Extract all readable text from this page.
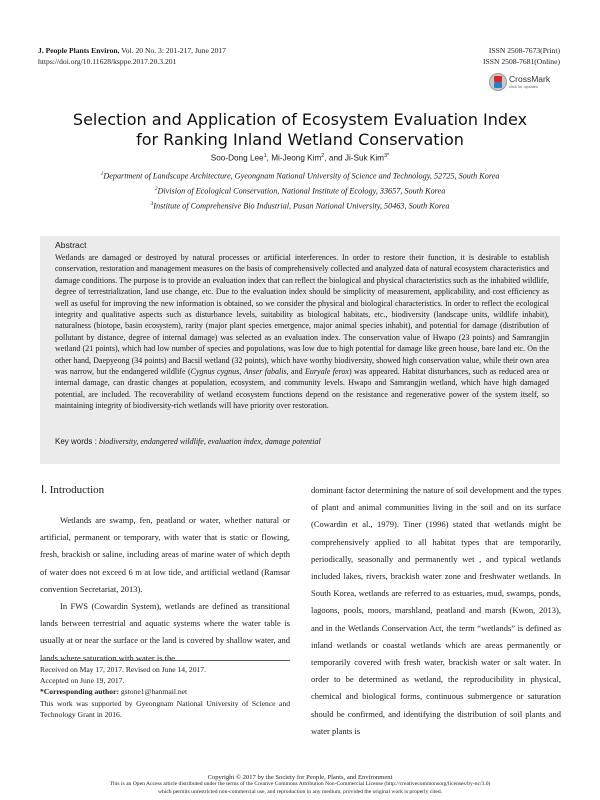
J. People Plants Environ. Vol. 20 No. 3: 201-217, June 2017
https://doi.org/10.11628/ksppe.2017.20.3.201
ISSN 2508-7673(Print)
ISSN 2508-7681(Online)
CrossMark
click for updates
Selection and Application of Ecosystem Evaluation Index
for Ranking Inland Wetland Conservation
Soo-Dong Lee$^1$, Mi-Jeong Kim$^2$, and Ji-Suk Kim$^{3*}$
$^1$Department of Landscape Architecture, Gyeongnam National University of Science and Technology, 52725, South Korea
$^2$Division of Ecological Conservation, National Institute of Ecology, 33657, South Korea
$^3$Institute of Comprehensive Bio Industrial, Pusan National University, 50463, South Korea
Abstract
Wetlands are damaged or destroyed by natural processes or artificial interferences. In order to restore their function, it is desirable to establish conservation, restoration and management measures on the basis of comprehensively collected and analyzed data of natural ecosystem characteristics and damage conditions. The purpose is to provide an evaluation index that can reflect the biological and physical characteristics such as the inhabited wildlife, degree of terrestrialization, land use change, etc. Due to the evaluation index should be simplicity of measurement, applicability, and cost efficiency as well as useful for improving the new information is obtained, so we consider the physical and biological characteristics. In order to reflect the ecological integrity and qualitative aspects such as disturbance levels, suitability as biological habitats, etc., biodiversity (landscape units, wildlife inhabit), naturalness (biotope, basin ecosystem), rarity (major plant species emergence, major animal species inhabit), and potential for damage (distribution of pollutant by distance, degree of internal damage) was selected as an evaluation index. The conservation value of Hwapo (23 points) and Samrangjin wetland (21 points), which had low number of species and populations, was low due to high potential for damage like green house, bare land etc. On the other hand, Daepyeong (34 points) and Bacsil wetland (32 points), which have worthy biodiversity, showed high conservation value, while their own area was narrow, but the endangered wildlife (Cygnus cygnus, Anser fabalis, and Euryale ferox) was appeared. Habitat disturbances, such as reduced area or internal damage, can drastic changes at population, ecosystem, and community levels. Hwapo and Samrangjin wetland, which have high damaged potential, are included. The recoverability of wetland ecosystem functions depend on the resistance and regenerative power of the system itself, so maintaining integrity of biodiversity-rich wetlands will have priority over restoration.
Key words : biodiversity, endangered wildlife, evaluation index, damage potential
Ⅰ. Introduction

Wetlands are swamp, fen, peatland or water, whether natural or artificial, permanent or temporary, with water that is static or flowing, fresh, brackish or saline, including areas of marine water of which depth of water does not exceed 6 m at low tide, and artificial wetland (Ramsar convention Secretariat, 2013).

In FWS (Cowardin System), wetlands are defined as transitional lands between terrestrial and aquatic systems where the water table is usually at or near the surface or the land is covered by shallow water, and lands where saturation with water is the

dominant factor determining the nature of soil development and the types of plant and animal communities living in the soil and on its surface (Cowardin et al., 1979). Tiner (1996) stated that wetlands might be comprehensively applied to all habitat types that are temporarily, periodically, seasonally and permanently wet , and typical wetlands included lakes, rivers, brackish water zone and freshwater wetlands. In South Korea, wetlands are referred to as estuaries, mud, swamps, ponds, lagoons, pools, moors, marshland, peatland and marsh (Kwon, 2013), and in the Wetlands Conservation Act, the term “wetlands” is defined as inland wetlands or coastal wetlands which are areas permanently or temporarily covered with fresh water, brackish water or salt water. In order to be determined as wetland, the reproducibility in physical, chemical and biological forms, continuous submergence or saturation should be confirmed, and identifying the distribution of soil plants and water plants is

Received on May 17, 2017. Revised on June 14, 2017.
Accepted on June 19, 2017.
*Corresponding author: gstone1@hanmail.net
This work was supported by Gyeongnam National University of Science and Technology Grant in 2016.
Copyright © 2017 by the Society for People, Plants, and Environment
This is an Open Access article distributed under the terms of the Creative Commons Attribution Non-Commercial License (http://creativecommonsorg/licenses/by-nc/3.0)
which permits unrestricted non-commercial use, and reproduction in any medium, provided the original work is properly cited.
